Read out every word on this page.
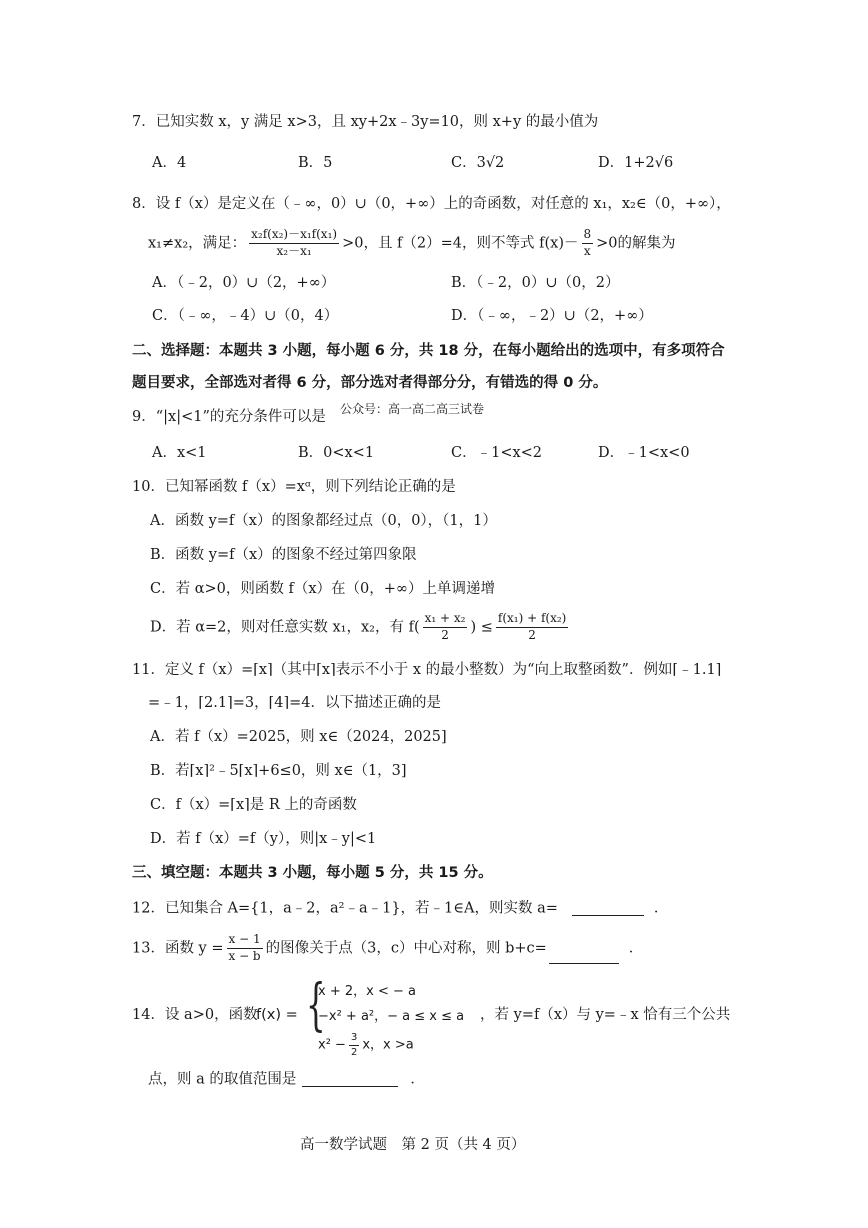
7．已知实数 x，y 满足 x>3，且 xy+2x﹣3y=10，则 x+y 的最小值为
A．4	B．5	C．3√2	D．1+2√6
8．设 f（x）是定义在（﹣∞，0）∪（0，+∞）上的奇函数，对任意的 x₁，x₂∈（0，+∞），
x₁≠x₂，满足： $\frac{\text{x₂f(x₂)－x₁f(x₁)}}{\text{x₂－x₁}} >0$，且 f（2）=4，则不等式 $f(x)- \frac{8}{x} >0$的解集为
A．（﹣2，0）∪（2，+∞）	B．（﹣2，0）∪（0，2）
C．（﹣∞，﹣4）∪（0，4）	D．（﹣∞，﹣2）∪（2，+∞）
二、选择题：本题共 3 小题，每小题 6 分，共 18 分，在每小题给出的选项中，有多项符合
题目要求，全部选对者得 6 分，部分选对者得部分分，有错选的得 0 分。
9．“|x|<1”的充分条件可以是 公众号：高一高二高三试卷
A．x<1	B．0<x<1	C．﹣1<x<2	D．﹣1<x<0
10．已知幂函数 f（x）=xᵅ，则下列结论正确的是
A．函数 y=f（x）的图象都经过点（0，0），（1，1）
B．函数 y=f（x）的图象不经过第四象限
C．若 α>0，则函数 f（x）在（0，+∞）上单调递增
D．若 α=2，则对任意实数 x₁，x₂，有 $f( \frac{\text{x₁ + x₂}}{2}$ ) ≤ $\frac{\text{f(x₁) + f(x₂)}}{2}$
11．定义 f（x）=⌈x⌉（其中⌈x⌉表示不小于 x 的最小整数）为“向上取整函数”．例如⌈﹣1.1⌉
=﹣1，⌈2.1⌉=3，⌈4⌉=4．以下描述正确的是
A．若 f（x）=2025，则 x∈（2024，2025]
B．若⌈x⌉²﹣5⌈x⌉+6≤0，则 x∈（1，3]
C．f（x）=⌈x⌉是 R 上的奇函数
D．若 f（x）=f（y），则|x﹣y|<1
三、填空题：本题共 3 小题，每小题 5 分，共 15 分。
12．已知集合 A={1，a﹣2，a²﹣a﹣1}，若﹣1∈A，则实数 a=	．
13．函数 $y = \frac{x - 1}{x - b}$ 的图像关于点（3，c）中心对称，则 b+c=	．
14．设 a>0，函数
f(x) = {
x + 2，x < − a
−x² + a²，− a ≤ x ≤ a
$x^2 - \frac{3}{2}$ x，x >a
，若 y=f（x）与 y=﹣x 恰有三个公共
点，则 a 的取值范围是	．
高一数学试题　第 2 页（共 4 页）
